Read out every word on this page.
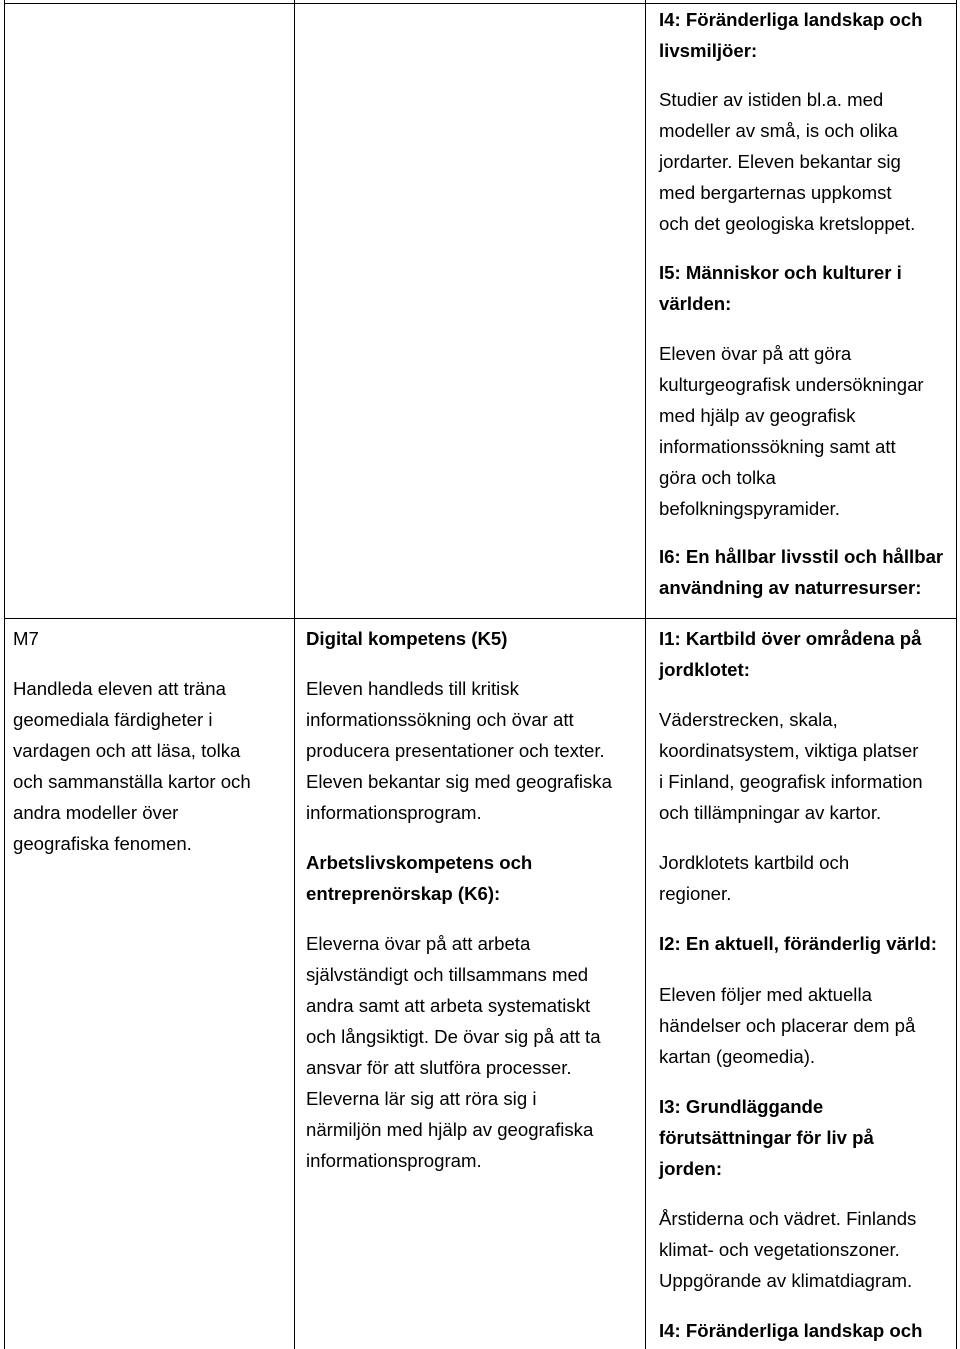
I4: Föränderliga landskap och
livsmiljöer:

Studier av istiden bl.a. med
modeller av små, is och olika
jordarter. Eleven bekantar sig
med bergarternas uppkomst
och det geologiska kretsloppet.

I5: Människor och kulturer i
världen:

Eleven övar på att göra
kulturgeografisk undersökningar
med hjälp av geografisk
informationssökning samt att
göra och tolka
befolkningspyramider.

I6: En hållbar livsstil och hållbar
användning av naturresurser:

M7

Handleda eleven att träna
geomediala färdigheter i
vardagen och att läsa, tolka
och sammanställa kartor och
andra modeller över
geografiska fenomen.

Digital kompetens (K5)

Eleven handleds till kritisk
informationssökning och övar att
producera presentationer och texter.
Eleven bekantar sig med geografiska
informationsprogram.

Arbetslivskompetens och
entreprenörskap (K6):

Eleverna övar på att arbeta
självständigt och tillsammans med
andra samt att arbeta systematiskt
och långsiktigt. De övar sig på att ta
ansvar för att slutföra processer.
Eleverna lär sig att röra sig i
närmiljön med hjälp av geografiska
informationsprogram.

I1: Kartbild över områdena på
jordklotet:

Väderstrecken, skala,
koordinatsystem, viktiga platser
i Finland, geografisk information
och tillämpningar av kartor.

Jordklotets kartbild och
regioner.

I2: En aktuell, föränderlig värld:

Eleven följer med aktuella
händelser och placerar dem på
kartan (geomedia).

I3: Grundläggande
förutsättningar för liv på
jorden:

Årstiderna och vädret. Finlands
klimat- och vegetationszoner.
Uppgörande av klimatdiagram.

I4: Föränderliga landskap och
